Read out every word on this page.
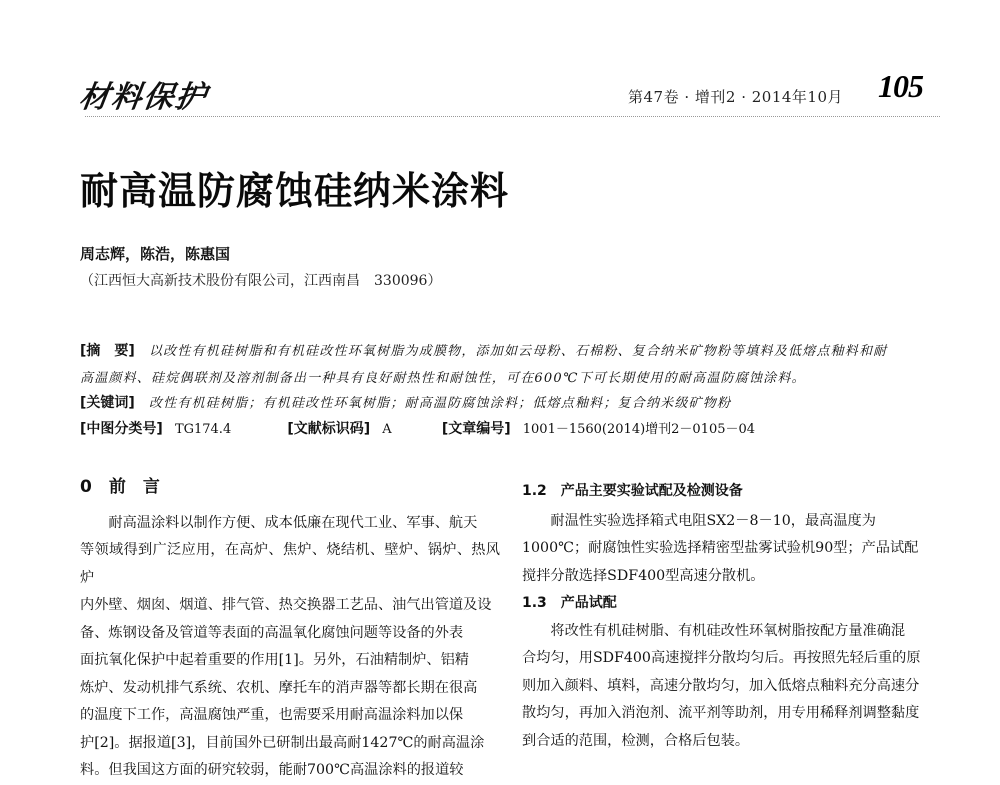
材料保护	第47卷 · 增刊2 · 2014年10月 105
耐高温防腐蚀硅纳米涂料
周志辉，陈浩，陈惠国
（江西恒大高新技术股份有限公司，江西南昌　330096）
[摘　要] 以改性有机硅树脂和有机硅改性环氧树脂为成膜物，添加如云母粉、石棉粉、复合纳米矿物粉等填料及低熔点釉料和耐
高温颜料、硅烷偶联剂及溶剂制备出一种具有良好耐热性和耐蚀性，可在600℃下可长期使用的耐高温防腐蚀涂料。
[关键词] 改性有机硅树脂；有机硅改性环氧树脂；耐高温防腐蚀涂料；低熔点釉料；复合纳米级矿物粉
[中图分类号] TG174.4	[文献标识码] A	[文章编号] 1001－1560(2014)增刊2－0105－04
0　前　言
耐高温涂料以制作方便、成本低廉在现代工业、军事、航天
等领域得到广泛应用，在高炉、焦炉、烧结机、壁炉、锅炉、热风炉
内外壁、烟囱、烟道、排气管、热交换器工艺品、油气出管道及设
备、炼钢设备及管道等表面的高温氧化腐蚀问题等设备的外表
面抗氧化保护中起着重要的作用[1]。另外，石油精制炉、铝精
炼炉、发动机排气系统、农机、摩托车的消声器等都长期在很高
的温度下工作，高温腐蚀严重，也需要采用耐高温涂料加以保
护[2]。据报道[3]，目前国外已研制出最高耐1427℃的耐高温涂
料。但我国这方面的研究较弱，能耐700℃高温涂料的报道较
1.2　产品主要实验试配及检测设备
耐温性实验选择箱式电阻SX2－8－10，最高温度为
1000℃；耐腐蚀性实验选择精密型盐雾试验机90型；产品试配
搅拌分散选择SDF400型高速分散机。
1.3　产品试配
将改性有机硅树脂、有机硅改性环氧树脂按配方量准确混
合均匀，用SDF400高速搅拌分散均匀后。再按照先轻后重的原
则加入颜料、填料，高速分散均匀，加入低熔点釉料充分高速分
散均匀，再加入消泡剂、流平剂等助剂，用专用稀释剂调整黏度
到合适的范围，检测，合格后包装。
